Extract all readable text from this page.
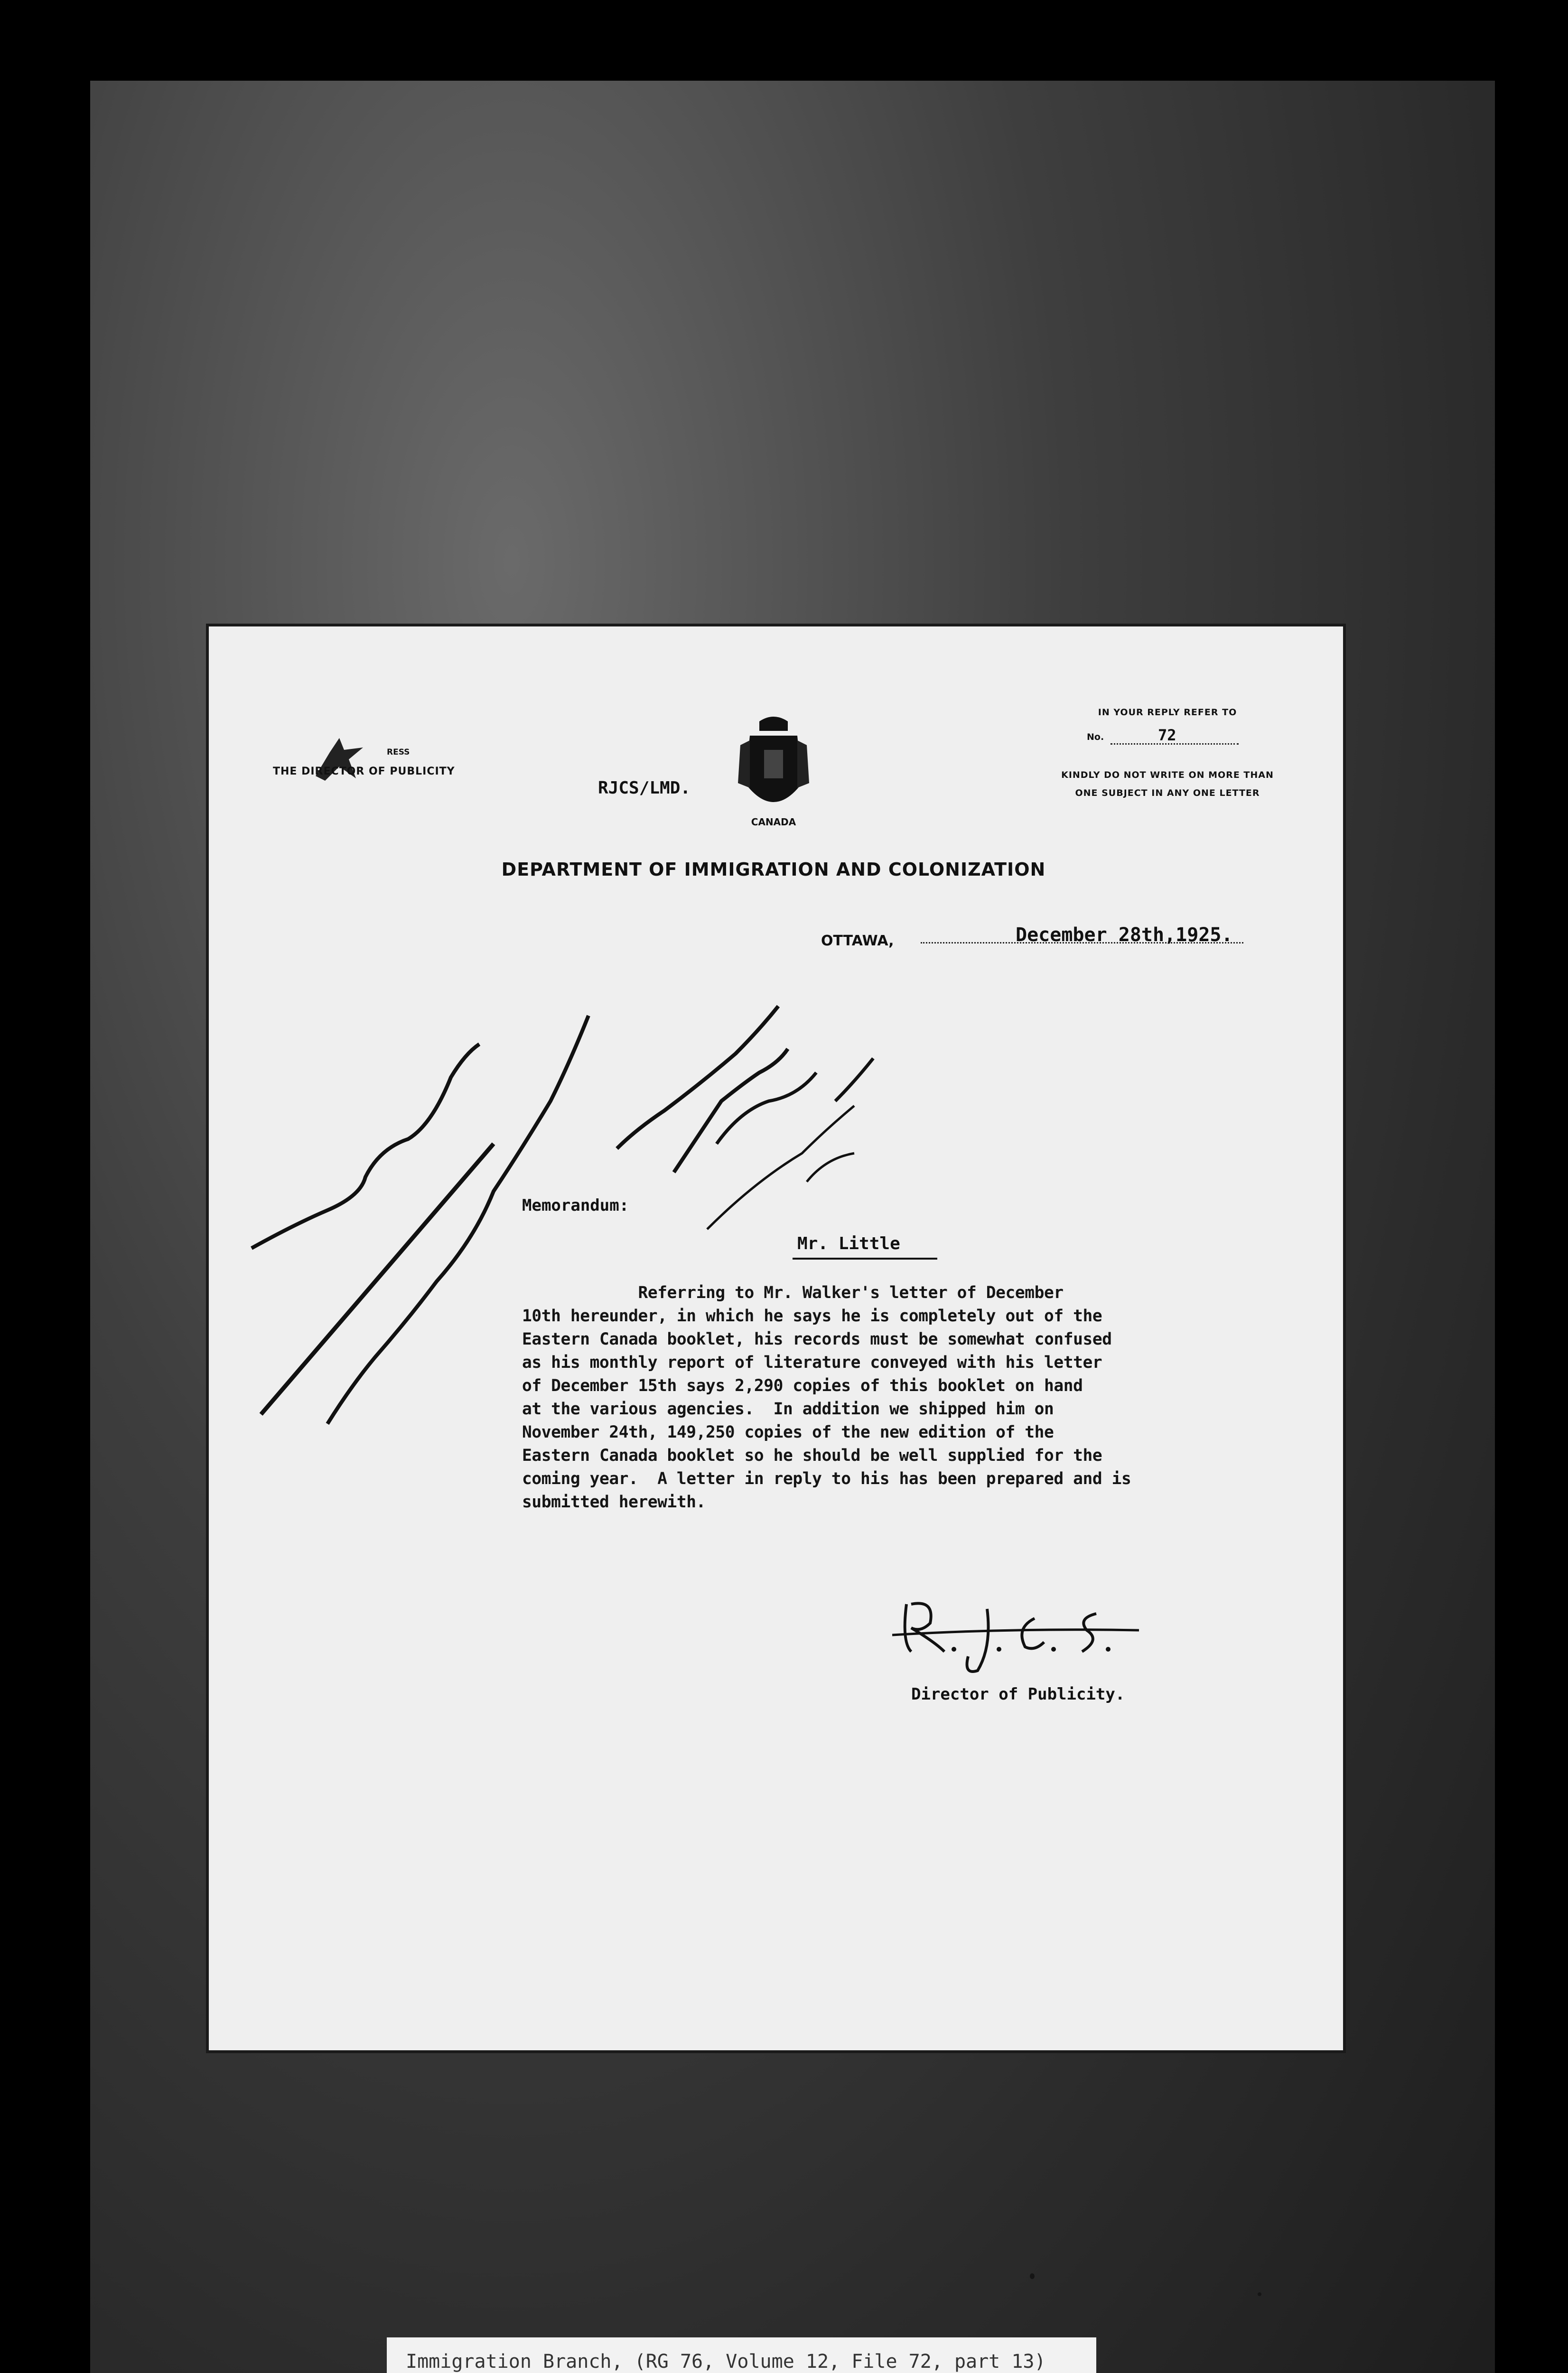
RESS
THE DIRECTOR OF PUBLICITY
RJCS/LMD.
CANADA
IN YOUR REPLY REFER TO
No.	72
KINDLY DO NOT WRITE ON MORE THAN
ONE SUBJECT IN ANY ONE LETTER
DEPARTMENT OF IMMIGRATION AND COLONIZATION
OTTAWA,	December 28th,1925.
Memorandum:
Mr. Little
Referring to Mr. Walker's letter of December
10th hereunder, in which he says he is completely out of the
Eastern Canada booklet, his records must be somewhat confused
as his monthly report of literature conveyed with his letter
of December 15th says 2,290 copies of this booklet on hand
at the various agencies.  In addition we shipped him on
November 24th, 149,250 copies of the new edition of the
Eastern Canada booklet so he should be well supplied for the
coming year.  A letter in reply to his has been prepared and is
submitted herewith.
Director of Publicity.
Immigration Branch, (RG 76, Volume 12, File 72, part 13)
